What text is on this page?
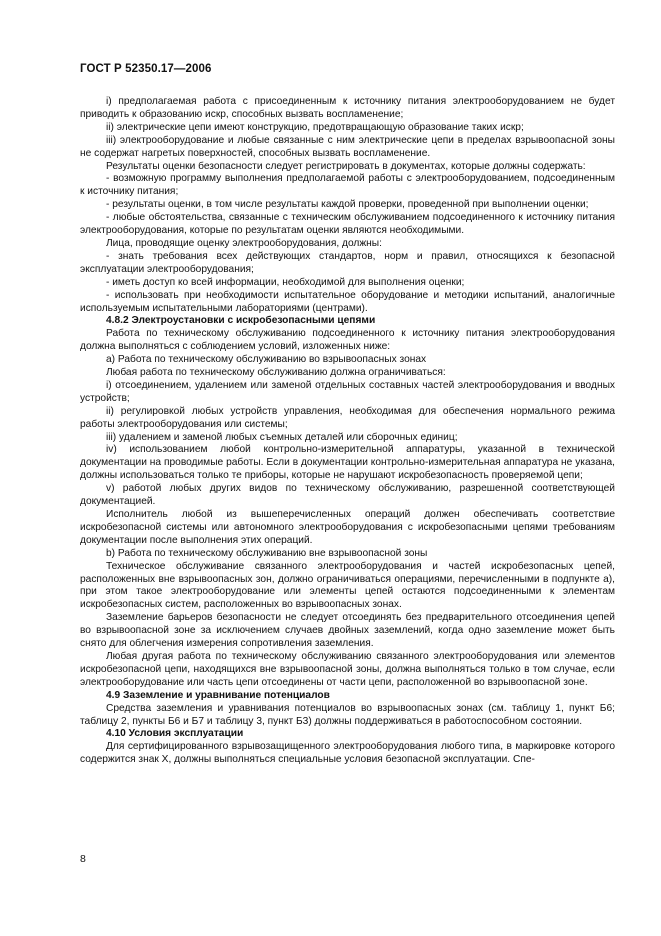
ГОСТ Р 52350.17—2006

i) предполагаемая работа с присоединенным к источнику питания электрооборудованием не будет приводить к образованию искр, способных вызвать воспламенение;

ii) электрические цепи имеют конструкцию, предотвращающую образование таких искр;

iii) электрооборудование и любые связанные с ним электрические цепи в пределах взрывоопасной зоны не содержат нагретых поверхностей, способных вызвать воспламенение.

Результаты оценки безопасности следует регистрировать в документах, которые должны содержать:

- возможную программу выполнения предполагаемой работы с электрооборудованием, подсоединенным к источнику питания;

- результаты оценки, в том числе результаты каждой проверки, проведенной при выполнении оценки;

- любые обстоятельства, связанные с техническим обслуживанием подсоединенного к источнику питания электрооборудования, которые по результатам оценки являются необходимыми.

Лица, проводящие оценку электрооборудования, должны:

- знать требования всех действующих стандартов, норм и правил, относящихся к безопасной эксплуатации электрооборудования;

- иметь доступ ко всей информации, необходимой для выполнения оценки;

- использовать при необходимости испытательное оборудование и методики испытаний, аналогичные используемым испытательными лабораториями (центрами).

4.8.2 Электроустановки с искробезопасными цепями

Работа по техническому обслуживанию подсоединенного к источнику питания электрооборудования должна выполняться с соблюдением условий, изложенных ниже:

а) Работа по техническому обслуживанию во взрывоопасных зонах

Любая работа по техническому обслуживанию должна ограничиваться:

i) отсоединением, удалением или заменой отдельных составных частей электрооборудования и вводных устройств;

ii) регулировкой любых устройств управления, необходимая для обеспечения нормального режима работы электрооборудования или системы;

iii) удалением и заменой любых съемных деталей или сборочных единиц;

iv) использованием любой контрольно-измерительной аппаратуры, указанной в технической документации на проводимые работы. Если в документации контрольно-измерительная аппаратура не указана, должны использоваться только те приборы, которые не нарушают искробезопасность проверяемой цепи;

v) работой любых других видов по техническому обслуживанию, разрешенной соответствующей документацией.

Исполнитель любой из вышеперечисленных операций должен обеспечивать соответствие искробезопасной системы или автономного электрооборудования с искробезопасными цепями требованиям документации после выполнения этих операций.

b) Работа по техническому обслуживанию вне взрывоопасной зоны

Техническое обслуживание связанного электрооборудования и частей искробезопасных цепей, расположенных вне взрывоопасных зон, должно ограничиваться операциями, перечисленными в подпункте а), при этом такое электрооборудование или элементы цепей остаются подсоединенными к элементам искробезопасных систем, расположенных во взрывоопасных зонах.

Заземление барьеров безопасности не следует отсоединять без предварительного отсоединения цепей во взрывоопасной зоне за исключением случаев двойных заземлений, когда одно заземление может быть снято для облегчения измерения сопротивления заземления.

Любая другая работа по техническому обслуживанию связанного электрооборудования или элементов искробезопасной цепи, находящихся вне взрывоопасной зоны, должна выполняться только в том случае, если электрооборудование или часть цепи отсоединены от части цепи, расположенной во взрывоопасной зоне.

4.9 Заземление и уравнивание потенциалов

Средства заземления и уравнивания потенциалов во взрывоопасных зонах (см. таблицу 1, пункт Б6; таблицу 2, пункты Б6 и Б7 и таблицу 3, пункт Б3) должны поддерживаться в работоспособном состоянии.

4.10 Условия эксплуатации

Для сертифицированного взрывозащищенного электрооборудования любого типа, в маркировке которого содержится знак Х, должны выполняться специальные условия безопасной эксплуатации. Спе-

8
